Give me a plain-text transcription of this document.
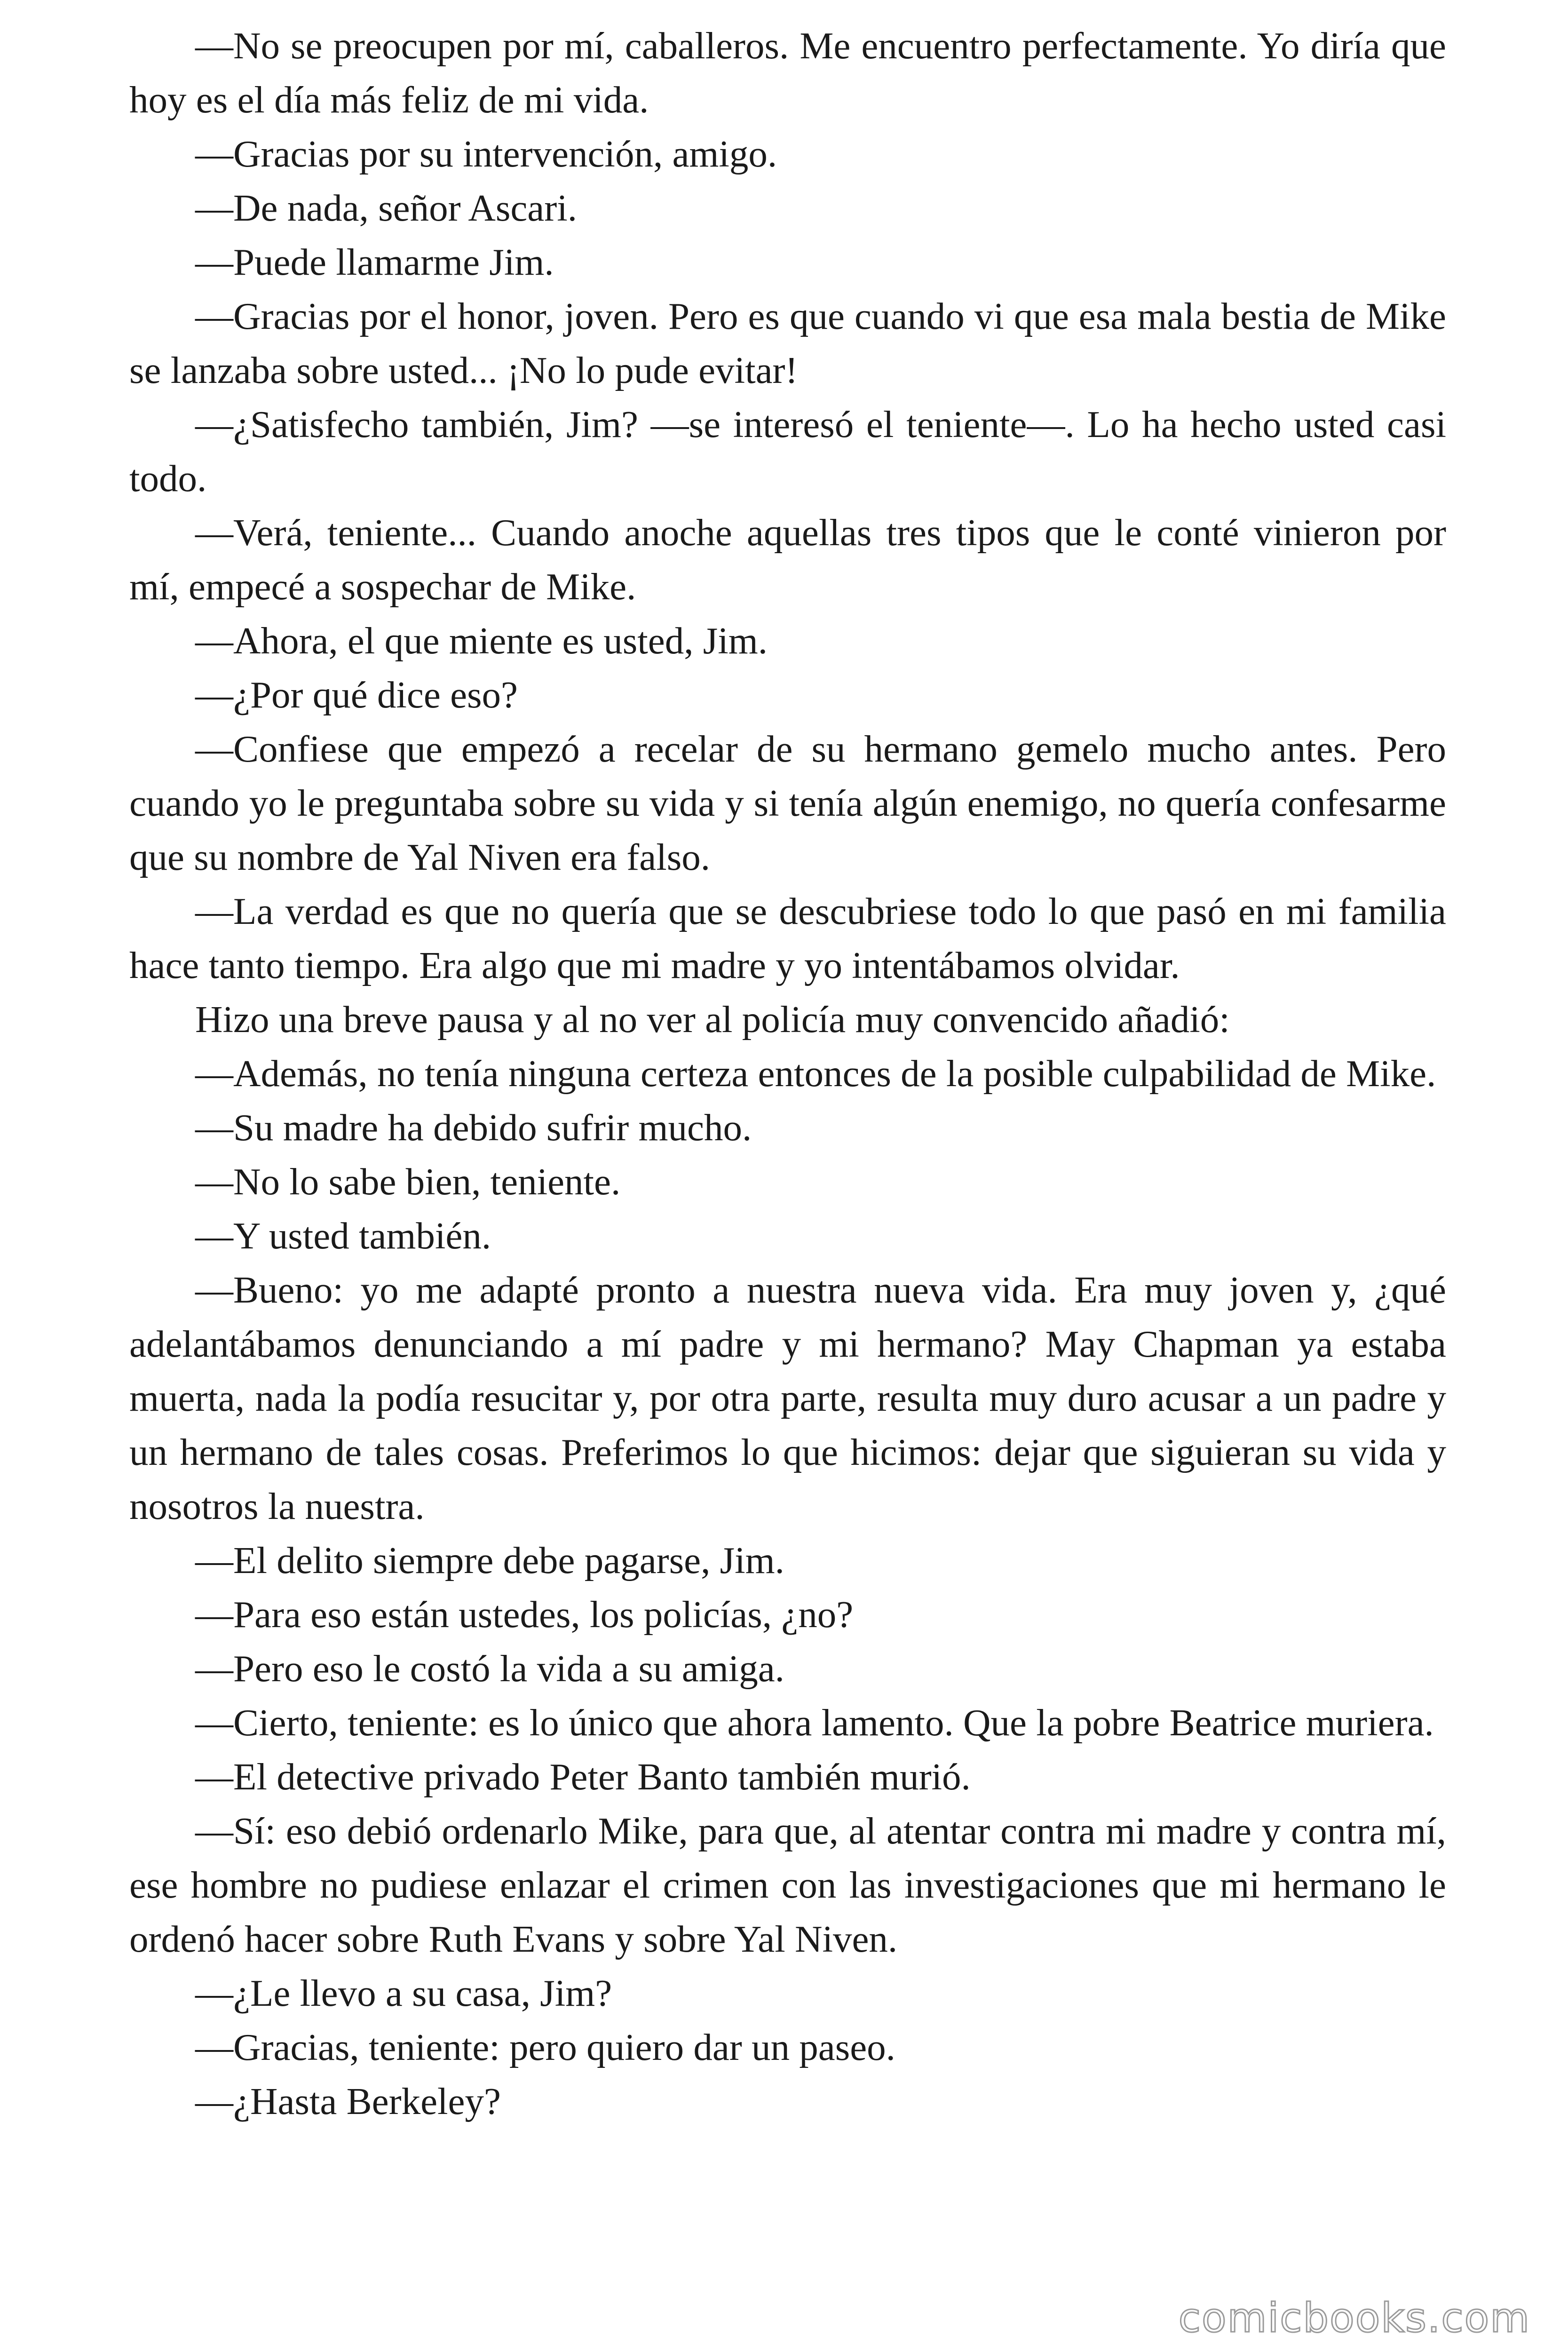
—No se preocupen por mí, caballeros. Me encuentro perfectamente. Yo diría que hoy es el día más feliz de mi vida.

—Gracias por su intervención, amigo.

—De nada, señor Ascari.

—Puede llamarme Jim.

—Gracias por el honor, joven. Pero es que cuando vi que esa mala bestia de Mike se lanzaba sobre usted... ¡No lo pude evitar!

—¿Satisfecho también, Jim? —se interesó el teniente—. Lo ha hecho usted casi todo.

—Verá, teniente... Cuando anoche aquellas tres tipos que le conté vinieron por mí, empecé a sospechar de Mike.

—Ahora, el que miente es usted, Jim.

—¿Por qué dice eso?

—Confiese que empezó a recelar de su hermano gemelo mucho antes. Pero cuando yo le preguntaba sobre su vida y si tenía algún enemigo, no quería confesarme que su nombre de Yal Niven era falso.

—La verdad es que no quería que se descubriese todo lo que pasó en mi familia hace tanto tiempo. Era algo que mi madre y yo intentábamos olvidar.

Hizo una breve pausa y al no ver al policía muy convencido añadió:

—Además, no tenía ninguna certeza entonces de la posible culpabilidad de Mike.

—Su madre ha debido sufrir mucho.

—No lo sabe bien, teniente.

—Y usted también.

—Bueno: yo me adapté pronto a nuestra nueva vida. Era muy joven y, ¿qué adelantábamos denunciando a mí padre y mi hermano? May Chapman ya estaba muerta, nada la podía resucitar y, por otra parte, resulta muy duro acusar a un padre y un hermano de tales cosas. Preferimos lo que hicimos: dejar que siguieran su vida y nosotros la nuestra.

—El delito siempre debe pagarse, Jim.

—Para eso están ustedes, los policías, ¿no?

—Pero eso le costó la vida a su amiga.

—Cierto, teniente: es lo único que ahora lamento. Que la pobre Beatrice muriera.

—El detective privado Peter Banto también murió.

—Sí: eso debió ordenarlo Mike, para que, al atentar contra mi madre y contra mí, ese hombre no pudiese enlazar el crimen con las investigaciones que mi hermano le ordenó hacer sobre Ruth Evans y sobre Yal Niven.

—¿Le llevo a su casa, Jim?

—Gracias, teniente: pero quiero dar un paseo.

—¿Hasta Berkeley?

comicbooks.com
